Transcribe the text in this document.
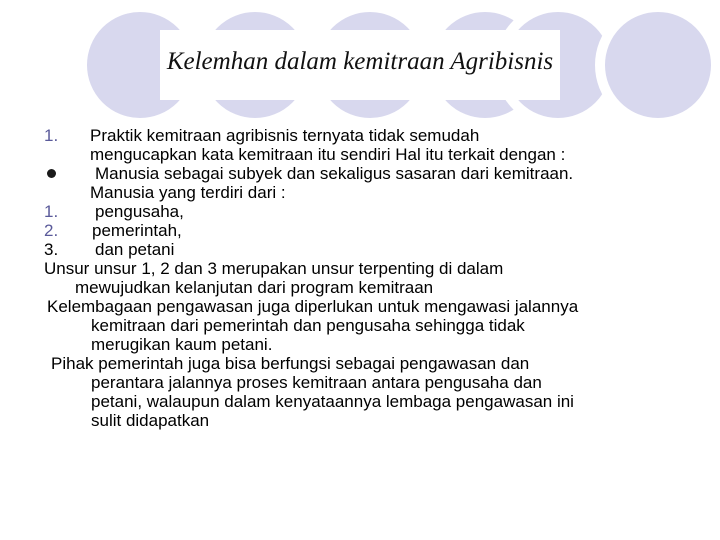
Kelemhan dalam kemitraan Agribisnis
1. Praktik kemitraan agribisnis ternyata tidak semudah
mengucapkan kata kemitraan itu sendiri Hal itu terkait dengan :
Manusia sebagai subyek dan sekaligus sasaran dari kemitraan.
Manusia yang terdiri dari :
1. pengusaha,
2. pemerintah,
3. dan petani
Unsur unsur 1, 2 dan 3 merupakan unsur terpenting di dalam
mewujudkan kelanjutan dari program kemitraan
Kelembagaan pengawasan juga diperlukan untuk mengawasi jalannya
kemitraan dari pemerintah dan pengusaha sehingga tidak
merugikan kaum petani.
Pihak pemerintah juga bisa berfungsi sebagai pengawasan dan
perantara jalannya proses kemitraan antara pengusaha dan
petani, walaupun dalam kenyataannya lembaga pengawasan ini
sulit didapatkan
